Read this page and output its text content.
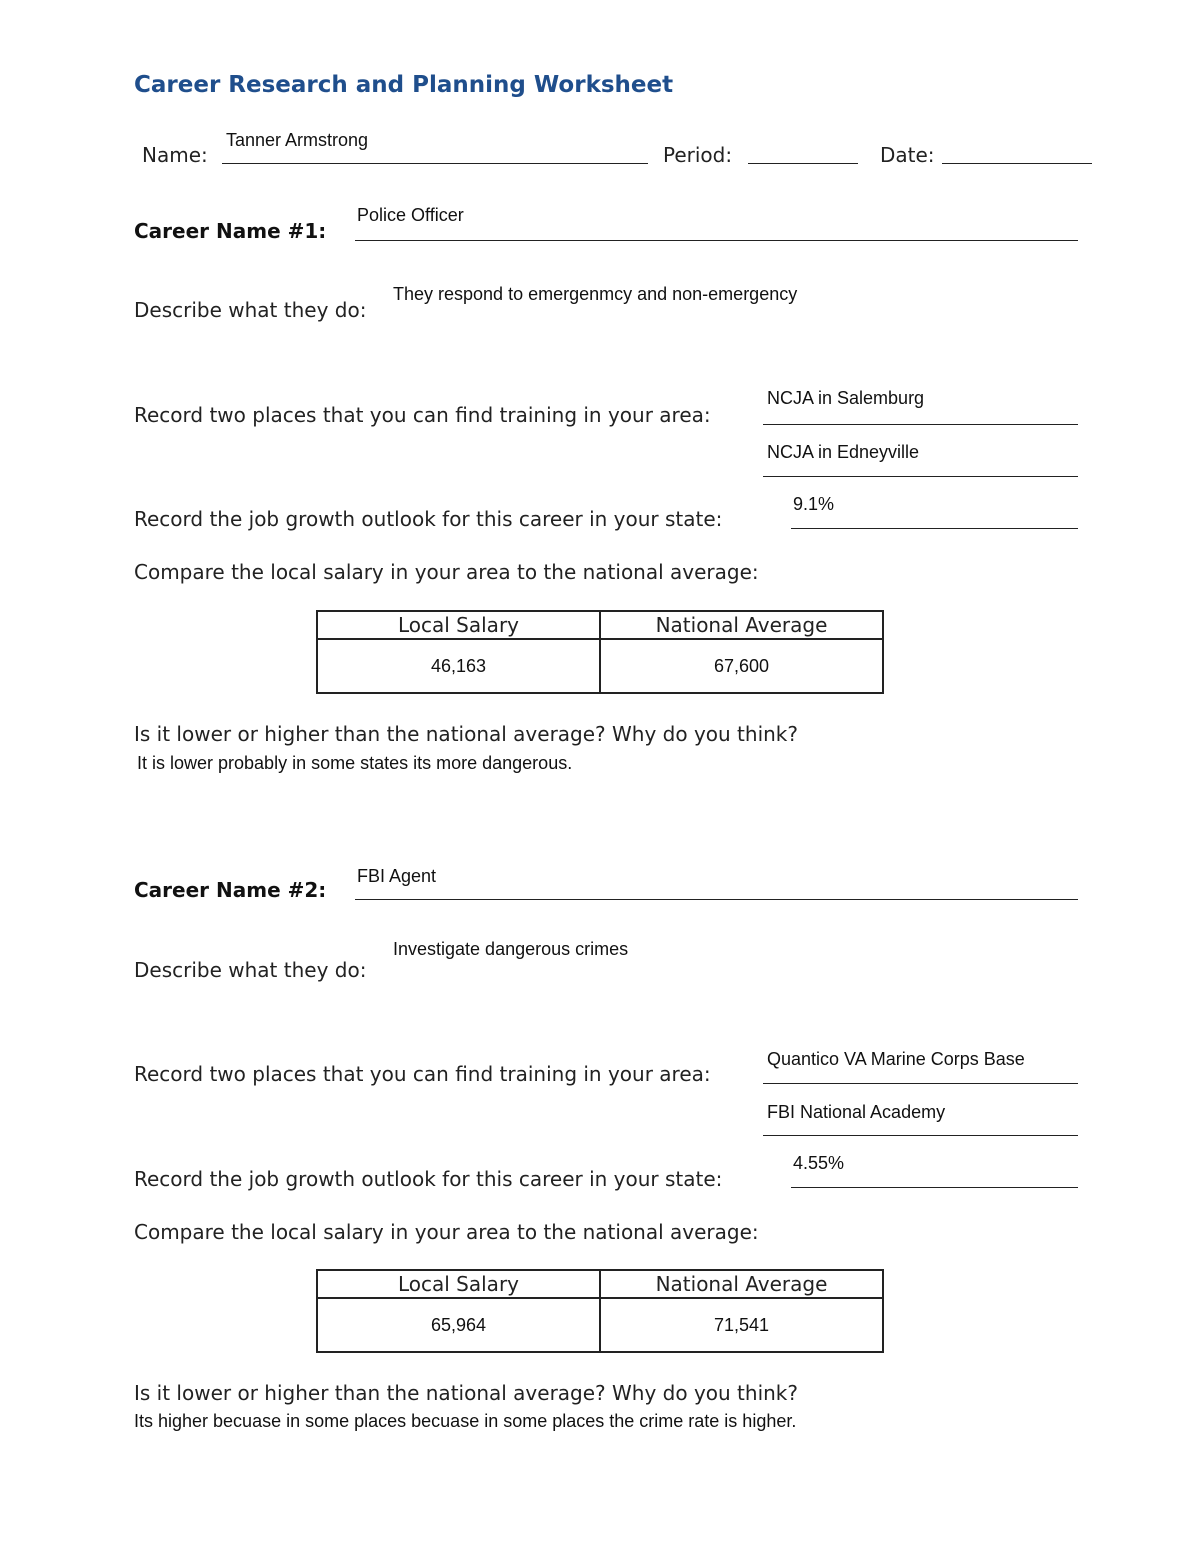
Career Research and Planning Worksheet
Name:
Tanner Armstrong
Period:	Date:
Career Name #1:
Police Officer
Describe what they do:
They respond to emergenmcy and non-emergency
Record two places that you can find training in your area:
NCJA in Salemburg
NCJA in Edneyville
Record the job growth outlook for this career in your state:
9.1%
Compare the local salary in your area to the national average:
Local Salary	National Average
46,163	67,600
Is it lower or higher than the national average? Why do you think?
It is lower probably in some states its more dangerous.
Career Name #2:
FBI Agent
Describe what they do:
Investigate dangerous crimes
Record two places that you can find training in your area:
Quantico VA Marine Corps Base
FBI National Academy
Record the job growth outlook for this career in your state:
4.55%
Compare the local salary in your area to the national average:
Local Salary	National Average
65,964	71,541
Is it lower or higher than the national average? Why do you think?
Its higher becuase in some places becuase in some places the crime rate is higher.
